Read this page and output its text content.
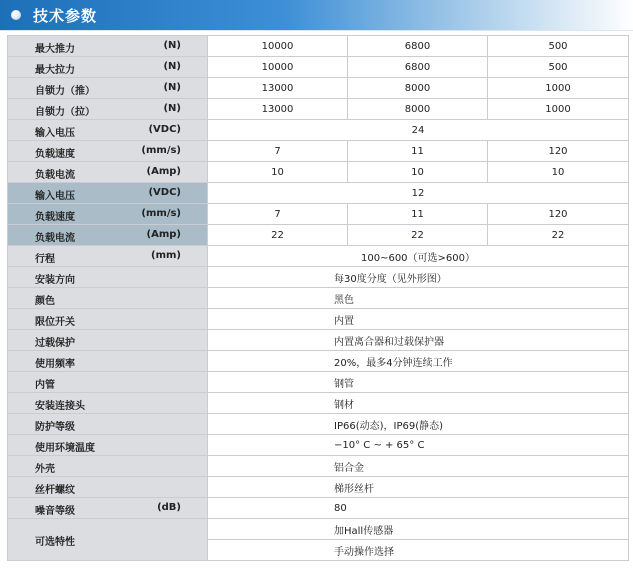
技术参数
最大推力 (N)	10000	6800	500

最大拉力 (N)	10000	6800	500

自锁力（推） (N)	13000	8000	1000

自锁力（拉） (N)	13000	8000	1000

输入电压 (VDC)	24		

负载速度 (mm/s)	7	11	120

负载电流 (Amp)	10	10	10

输入电压 (VDC)	12		

负载速度 (mm/s)	7	11	120

负载电流 (Amp)	22	22	22

行程 (mm)	100~600（可选>600）		

安装方向	每30度分度（见外形图）		

颜色	黑色		

限位开关	内置		

过载保护	内置离合器和过载保护器		

使用频率	20%，最多4分钟连续工作		

内管	钢管		

安装连接头	钢材		

防护等级	IP66(动态)，IP69(静态)		

使用环境温度	−10° C ~ + 65° C		

外壳	铝合金		

丝杆螺纹	梯形丝杆		

噪音等级 (dB)	80		

可选特性	加Hall传感器		
	手动操作选择		
